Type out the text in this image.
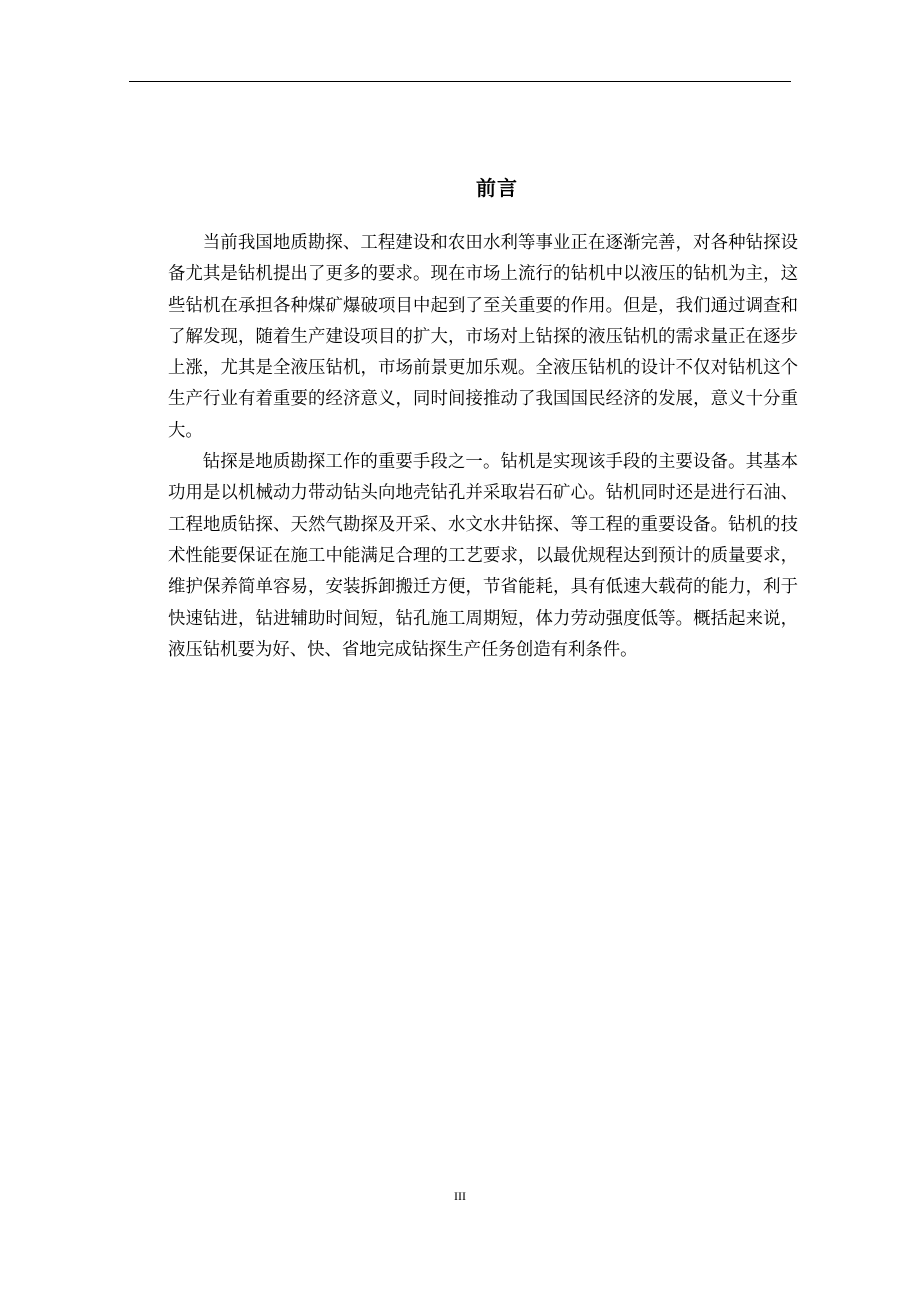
前言

当前我国地质勘探、工程建设和农田水利等事业正在逐渐完善，对各种钻探设备尤其是钻机提出了更多的要求。现在市场上流行的钻机中以液压的钻机为主，这些钻机在承担各种煤矿爆破项目中起到了至关重要的作用。但是，我们通过调查和了解发现，随着生产建设项目的扩大，市场对上钻探的液压钻机的需求量正在逐步上涨，尤其是全液压钻机，市场前景更加乐观。全液压钻机的设计不仅对钻机这个生产行业有着重要的经济意义，同时间接推动了我国国民经济的发展，意义十分重大。

钻探是地质勘探工作的重要手段之一。钻机是实现该手段的主要设备。其基本功用是以机械动力带动钻头向地壳钻孔并采取岩石矿心。钻机同时还是进行石油、工程地质钻探、天然气勘探及开采、水文水井钻探、等工程的重要设备。钻机的技术性能要保证在施工中能满足合理的工艺要求，以最优规程达到预计的质量要求，维护保养简单容易，安装拆卸搬迁方便，节省能耗，具有低速大载荷的能力，利于快速钻进，钻进辅助时间短，钻孔施工周期短，体力劳动强度低等。概括起来说，液压钻机要为好、快、省地完成钻探生产任务创造有利条件。

III
